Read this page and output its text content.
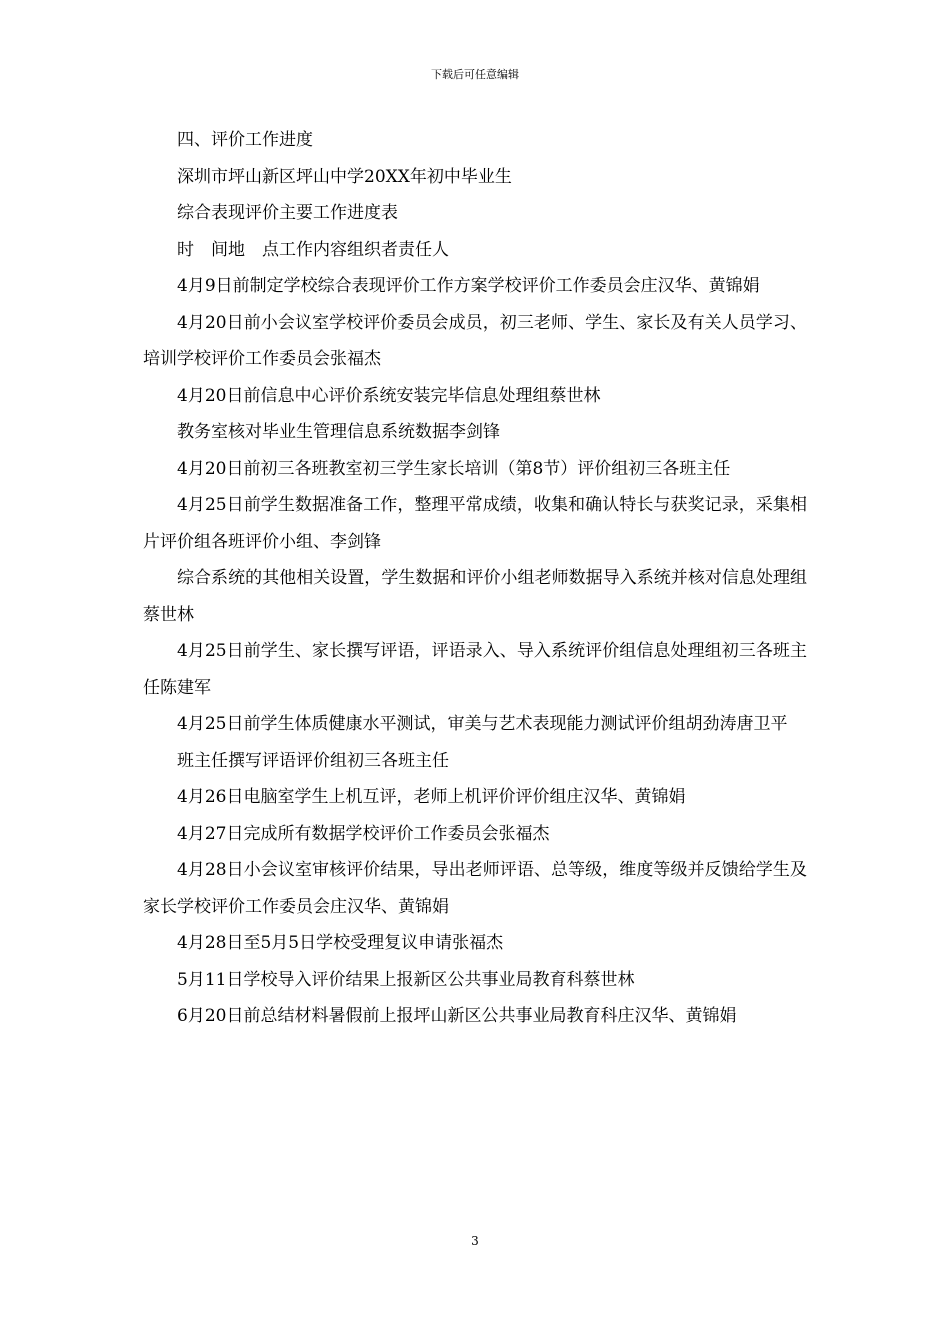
下载后可任意编辑

四、评价工作进度

深圳市坪山新区坪山中学20XX年初中毕业生

综合表现评价主要工作进度表

时　间地　点工作内容组织者责任人

4月9日前制定学校综合表现评价工作方案学校评价工作委员会庄汉华、黄锦娟

4月20日前小会议室学校评价委员会成员，初三老师、学生、家长及有关人员学习、培训学校评价工作委员会张福杰

4月20日前信息中心评价系统安装完毕信息处理组蔡世林

教务室核对毕业生管理信息系统数据李剑锋

4月20日前初三各班教室初三学生家长培训（第8节）评价组初三各班主任

4月25日前学生数据准备工作，整理平常成绩，收集和确认特长与获奖记录，采集相片评价组各班评价小组、李剑锋

综合系统的其他相关设置，学生数据和评价小组老师数据导入系统并核对信息处理组蔡世林

4月25日前学生、家长撰写评语，评语录入、导入系统评价组信息处理组初三各班主任陈建军

4月25日前学生体质健康水平测试，审美与艺术表现能力测试评价组胡劲涛唐卫平

班主任撰写评语评价组初三各班主任

4月26日电脑室学生上机互评，老师上机评价评价组庄汉华、黄锦娟

4月27日完成所有数据学校评价工作委员会张福杰

4月28日小会议室审核评价结果，导出老师评语、总等级，维度等级并反馈给学生及家长学校评价工作委员会庄汉华、黄锦娟

4月28日至5月5日学校受理复议申请张福杰

5月11日学校导入评价结果上报新区公共事业局教育科蔡世林

6月20日前总结材料暑假前上报坪山新区公共事业局教育科庄汉华、黄锦娟

3
